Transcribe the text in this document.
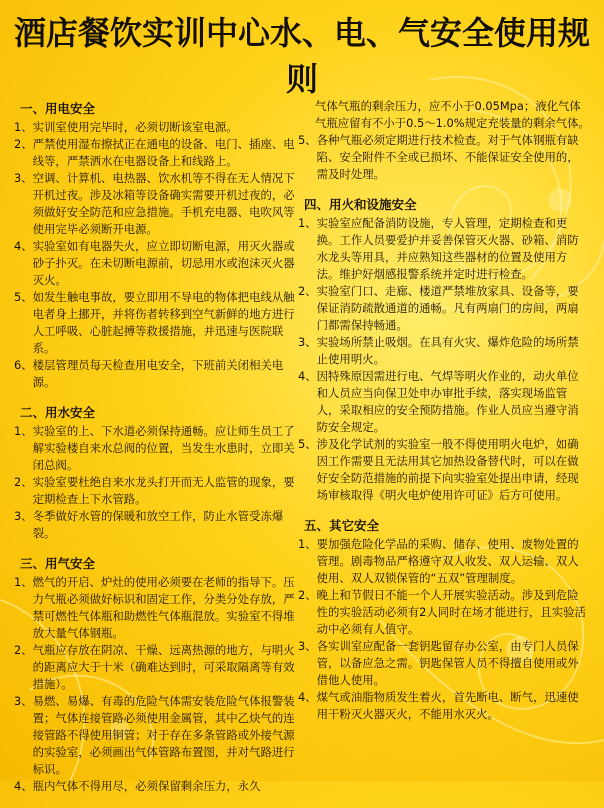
酒店餐饮实训中心水、电、气安全使用规则
一、用电安全
1、 实训室使用完毕时，必须切断该室电源。
2、 严禁使用湿布擦拭正在通电的设备、电门、插座、电线等，严禁洒水在电器设备上和线路上。
3、 空调、计算机、电热器、饮水机等不得在无人情况下开机过夜。涉及冰箱等设备确实需要开机过夜的，必须做好安全防范和应急措施。手机充电器、电吹风等使用完毕必须断开电源。
4、 实验室如有电器失火，应立即切断电源，用灭火器或砂子扑灭。在未切断电源前，切忌用水或泡沫灭火器灭火。
5、 如发生触电事故，要立即用不导电的物体把电线从触电者身上挪开，并将伤者转移到空气新鲜的地方进行人工呼吸、心脏起搏等救援措施，并迅速与医院联系。
6、 楼层管理员每天检查用电安全，下班前关闭相关电源。
二、用水安全
1、 实验室的上、下水道必须保持通畅。应让师生员工了解实验楼自来水总阀的位置，当发生水患时，立即关闭总阀。
2、 实验室要杜绝自来水龙头打开而无人监管的现象，要定期检查上下水管路。
3、 冬季做好水管的保暖和放空工作，防止水管受冻爆裂。
三、用气安全
1、 燃气的开启、炉灶的使用必须要在老师的指导下。压力气瓶必须做好标识和固定工作，分类分处存放，严禁可燃性气体瓶和助燃性气体瓶混放。实验室不得堆放大量气体钢瓶。
2、 气瓶应存放在阴凉、干燥、远离热源的地方，与明火的距离应大于十米（确难达到时，可采取隔离等有效措施）。
3、 易燃、易爆、有毒的危险气体需安装危险气体报警装置；气体连接管路必须使用金属管，其中乙炔气的连接管路不得使用铜管；对于存在多条管路或外接气源的实验室，必须画出气体管路布置图，并对气路进行标识。
4、 瓶内气体不得用尽，必须保留剩余压力，永久
气体气瓶的剩余压力，应不小于0.05Mpa；液化气体气瓶应留有不小于0.5～1.0%规定充装量的剩余气体。
5、 各种气瓶必须定期进行技术检查。对于气体钢瓶有缺陷、安全附件不全或已损坏、不能保证安全使用的，需及时处理。
四、用火和设施安全
1、 实验室应配备消防设施，专人管理，定期检查和更换。工作人员要爱护并妥善保管灭火器、砂箱、消防水龙头等用具，并应熟知这些器材的位置及使用方法。维护好烟感报警系统并定时进行检查。
2、 实验室门口、走廊、楼道严禁堆放家具、设备等，要保证消防疏散通道的通畅。凡有两扇门的房间，两扇门都需保持畅通。
3、 实验场所禁止吸烟。在具有火灾、爆炸危险的场所禁止使用明火。
4、 因特殊原因需进行电、气焊等明火作业的，动火单位和人员应当向保卫处申办审批手续，落实现场监管人，采取相应的安全预防措施。作业人员应当遵守消防安全规定。
5、 涉及化学试剂的实验室一般不得使用明火电炉，如确因工作需要且无法用其它加热设备替代时，可以在做好安全防范措施的前提下向实验室处提出申请，经现场审核取得《明火电炉使用许可证》后方可使用。
五、其它安全
1、 要加强危险化学品的采购、储存、使用、废物处置的管理。剧毒物品严格遵守双人收发、双人运输、双人使用、双人双锁保管的“五双”管理制度。
2、 晚上和节假日不能一个人开展实验活动。涉及到危险性的实验活动必须有2人同时在场才能进行，且实验活动中必须有人值守。
3、 各实训室应配备一套钥匙留存办公室，由专门人员保管，以备应急之需。钥匙保管人员不得擅自使用或外借他人使用。
4、 煤气或油脂物质发生着火，首先断电、断气，迅速使用干粉灭火器灭火，不能用水灭火。
